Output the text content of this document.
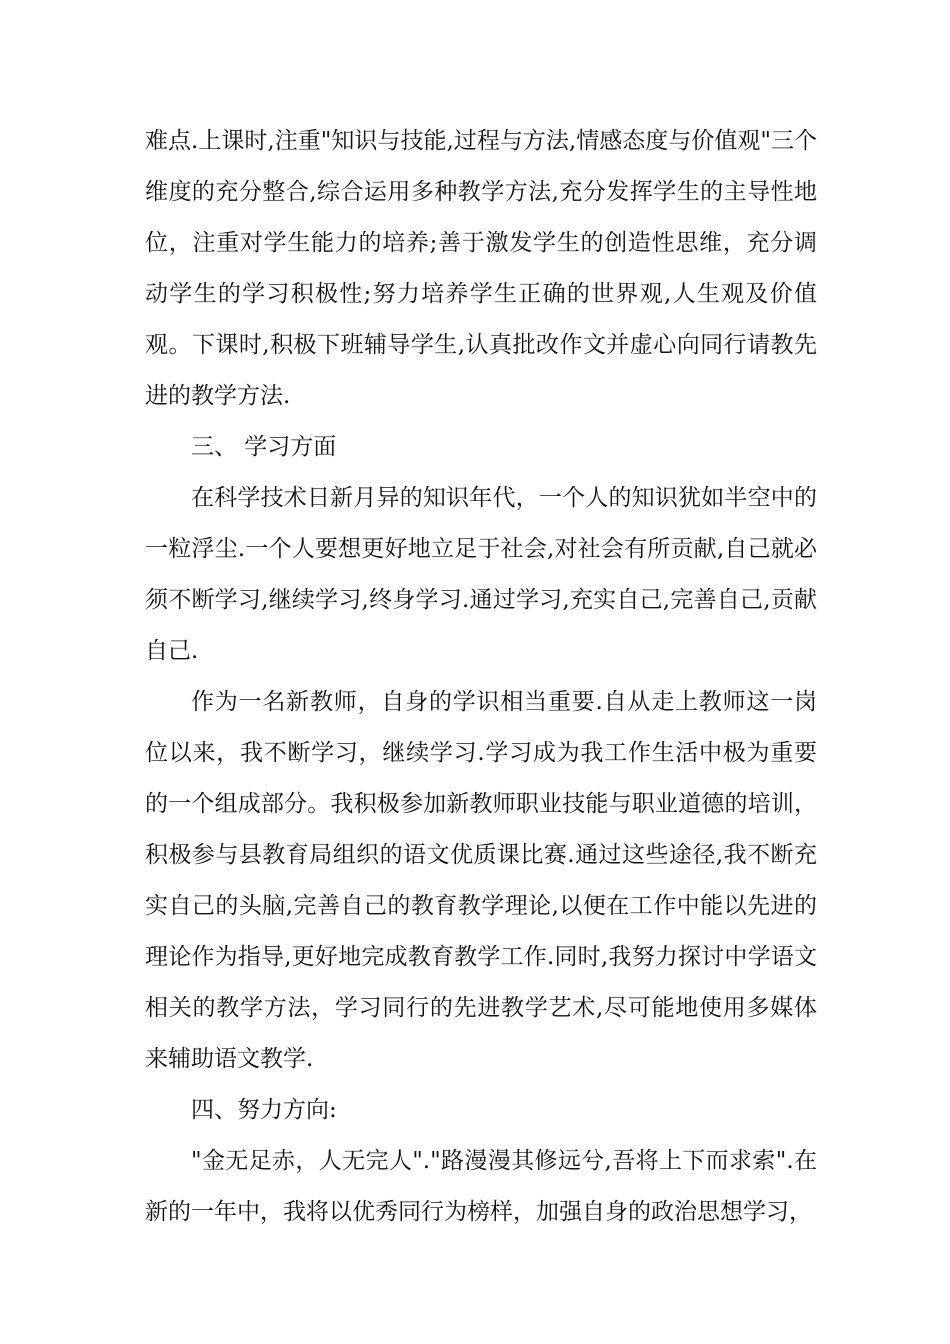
难点.上课时,注重"知识与技能,过程与方法,情感态度与价值观"三个维度的充分整合,综合运用多种教学方法,充分发挥学生的主导性地位，注重对学生能力的培养;善于激发学生的创造性思维，充分调动学生的学习积极性;努力培养学生正确的世界观,人生观及价值观。下课时,积极下班辅导学生,认真批改作文并虚心向同行请教先进的教学方法.

三、 学习方面

在科学技术日新月异的知识年代，一个人的知识犹如半空中的一粒浮尘.一个人要想更好地立足于社会,对社会有所贡献,自己就必须不断学习,继续学习,终身学习.通过学习,充实自己,完善自己,贡献自己.

作为一名新教师，自身的学识相当重要.自从走上教师这一岗位以来，我不断学习，继续学习.学习成为我工作生活中极为重要的一个组成部分。我积极参加新教师职业技能与职业道德的培训，积极参与县教育局组织的语文优质课比赛.通过这些途径,我不断充实自己的头脑,完善自己的教育教学理论,以便在工作中能以先进的理论作为指导,更好地完成教育教学工作.同时,我努力探讨中学语文相关的教学方法，学习同行的先进教学艺术,尽可能地使用多媒体来辅助语文教学.

四、努力方向:

"金无足赤，人无完人"."路漫漫其修远兮,吾将上下而求索".在新的一年中，我将以优秀同行为榜样，加强自身的政治思想学习，
